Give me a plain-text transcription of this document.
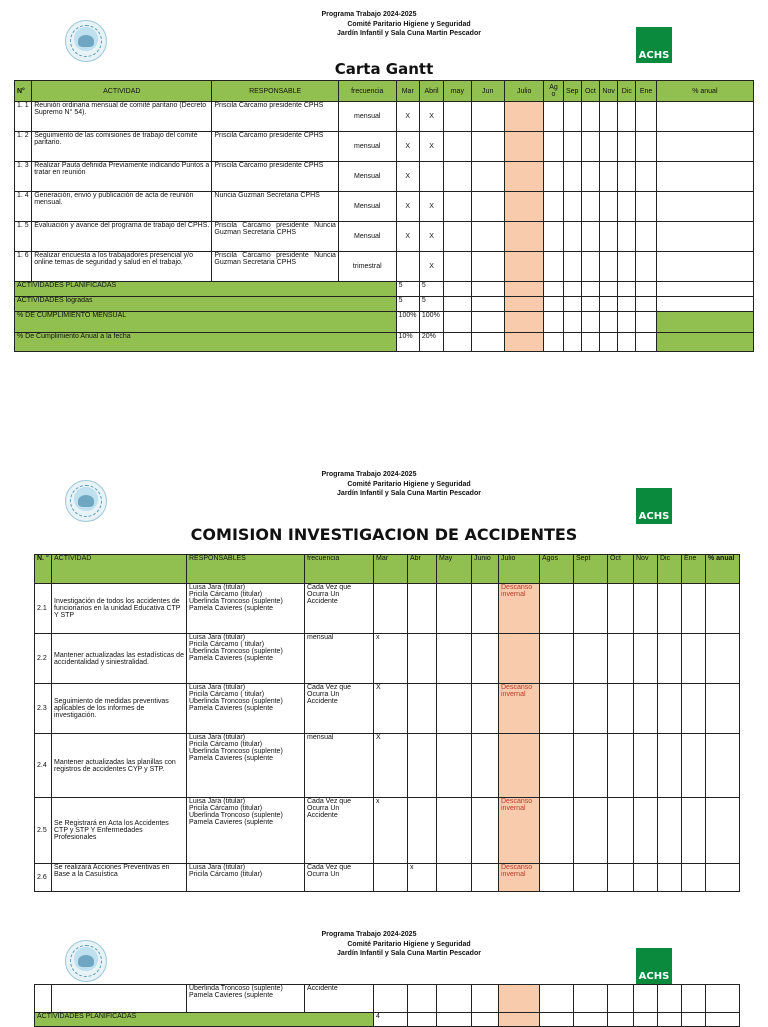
Programa Trabajo 2024-2025
Comité Paritario Higiene y Seguridad
Jardín Infantil y Sala Cuna Martin Pescador
ACHS
Carta Gantt
N°	ACTIVIDAD	RESPONSABLE	frecuencia	Mar	Abril	may	Jun	Julio	Ag o	Sep	Oct	Nov	Dic	Ene	% anual
1. 1	Reunión ordinaria mensual de comité paritario (Decreto Supremo N° 54).	Priscila Cárcamo presidente CPHS	mensual	X	X										
1. 2	Seguimiento de las comisiones de trabajo del comité paritario.	Priscila Cárcamo presidente CPHS	mensual	X	X										
1. 3	Realizar Pauta definida Previamente indicando Puntos a tratar en reunión	Priscila Cárcamo presidente CPHS	Mensual	X											
1. 4	Generación, envió y publicación de acta de reunión mensual.	Nuncia Guzman Secretaria CPHS	Mensual	X	X										
1. 5	Evaluación y avance del programa de trabajo del CPHS.	Priscila Cárcamo presidente Nuncia Guzman Secretaria CPHS	Mensual	X	X										
1. 6	Realizar encuesta a los trabajadores presencial y/o online temas de seguridad y salud en el trabajo.	Priscila Cárcamo presidente Nuncia Guzman Secretaria CPHS	trimestral		X										
ACTIVIDADES PLANIFICADAS				5	5										
ACTIVIDADES logradas				5	5										
% DE CUMPLIMIENTO MENSUAL				100%	100%										
% De Cumplimiento Anual a la fecha				10%	20%										
Programa Trabajo 2024-2025
Comité Paritario Higiene y Seguridad
Jardín Infantil y Sala Cuna Martin Pescador
ACHS
COMISION INVESTIGACION DE ACCIDENTES
N. °	ACTIVIDAD	RESPONSABLES	frecuencia	Mar	Abr	May	Junio	Julio	Agos	Sept	Oct	Nov	Dic	Ene	% anual
2.1	Investigación de todos los accidentes de funcionarios en la unidad Educativa CTP Y STP	Luisa Jara (titular)
Pricila Cárcamo (titular)
Uberlinda Troncoso (suplente)
Pamela Cavieres (suplente	Cada Vez que Ocurra Un Accidente					Descanso invernal							
2.2	Mantener actualizadas las estadísticas de accidentalidad y siniestralidad.	Luisa Jara (titular)
Pricila Cárcamo ( titular)
Uberlinda Troncoso (suplente)
Pamela Cavieres (suplente	mensual	x											
2.3	Seguimiento de medidas preventivas aplicables de los informes de investigación.	Luisa Jara (titular)
Pricila Cárcamo ( titular)
Uberlinda Troncoso (suplente)
Pamela Cavieres (suplente	Cada Vez que Ocurra Un Accidente	X				Descanso invernal							
2.4	Mantener actualizadas las planillas con registros de accidentes CYP y STP.	Luisa Jara (titular)
Pricila Cárcamo (titular)
Uberlinda Troncoso (suplente)
Pamela Cavieres (suplente	mensual	X											
2.5	Se Registrará en Acta los Accidentes CTP y STP Y Enfermedades Profesionales	Luisa Jara (titular)
Pricila Cárcamo (titular)
Uberlinda Troncoso (suplente)
Pamela Cavieres (suplente	Cada Vez que Ocurra Un Accidente	x				Descanso invernal							
2.6	Se realizará Acciones Preventivas en Base a la Casuística	Luisa Jara (titular)
Pricila Cárcamo (titular)	Cada Vez que Ocurra Un		x			Descanso invernal							
Programa Trabajo 2024-2025
Comité Paritario Higiene y Seguridad
Jardín Infantil y Sala Cuna Martin Pescador
ACHS

		Uberlinda Troncoso (suplente)
Pamela Cavieres (suplente	Accidente												
ACTIVIDADES PLANIFICADAS				4											
